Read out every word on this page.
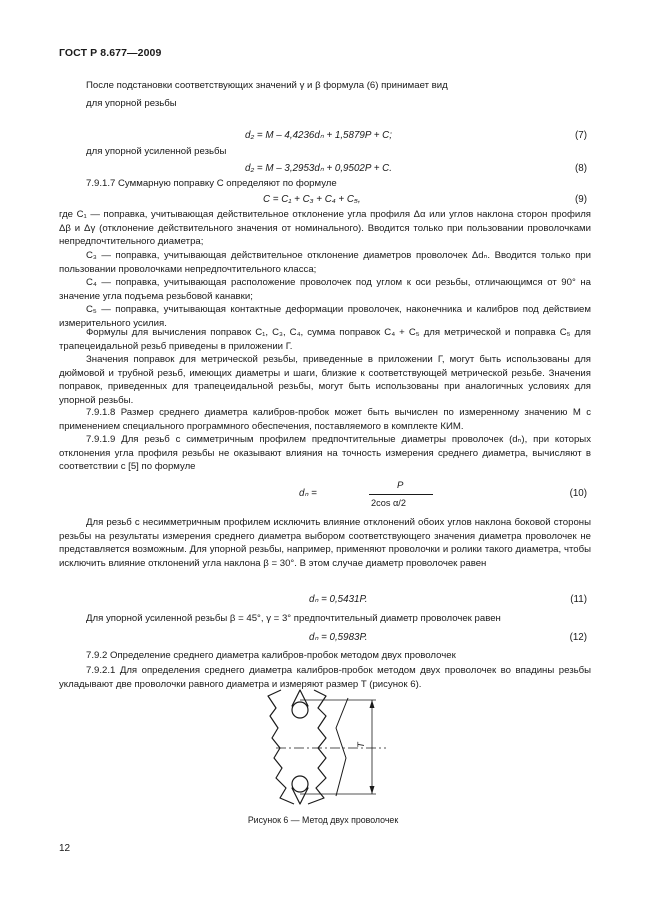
ГОСТ Р 8.677—2009

После подстановки соответствующих значений γ и β формула (6) принимает вид

для упорной резьбы

d₂ = M – 4,4236dₙ + 1,5879P + C;	(7)

для упорной усиленной резьбы

d₂ = M – 3,2953dₙ + 0,9502P + C.	(8)

7.9.1.7 Суммарную поправку C определяют по формуле

C = C₁ + C₃ + C₄ + C₅,	(9)

где C₁ — поправка, учитывающая действительное отклонение угла профиля Δα или углов наклона сторон профиля Δβ и Δγ (отклонение действительного значения от номинального). Вводится только при пользовании проволочками непредпочтительного диаметра;

C₃ — поправка, учитывающая действительное отклонение диаметров проволочек Δdₙ. Вводится только при пользовании проволочками непредпочтительного класса;

C₄ — поправка, учитывающая расположение проволочек под углом к оси резьбы, отличающимся от 90° на значение угла подъема резьбовой канавки;

C₅ — поправка, учитывающая контактные деформации проволочек, наконечника и калибров под действием измерительного усилия.

Формулы для вычисления поправок C₁, C₃, C₄, сумма поправок C₄ + C₅ для метрической и поправка C₅ для трапецеидальной резьб приведены в приложении Г.

Значения поправок для метрической резьбы, приведенные в приложении Г, могут быть использованы для дюймовой и трубной резьб, имеющих диаметры и шаги, близкие к соответствующей метрической резьбе. Значения поправок, приведенных для трапецеидальной резьбы, могут быть использованы при аналогичных условиях для упорной резьбы.

7.9.1.8 Размер среднего диаметра калибров-пробок может быть вычислен по измеренному значению M с применением специального программного обеспечения, поставляемого в комплекте КИМ.

7.9.1.9 Для резьб с симметричным профилем предпочтительные диаметры проволочек (dₙ), при которых отклонения угла профиля резьбы не оказывают влияния на точность измерения среднего диаметра, вычисляют в соответствии с [5] по формуле

dₙ =
P
2cos α/2
(10)

Для резьб с несимметричным профилем исключить влияние отклонений обоих углов наклона боковой стороны резьбы на результаты измерения среднего диаметра выбором соответствующего значения диаметра проволочек не представляется возможным. Для упорной резьбы, например, применяют проволочки и ролики такого диаметра, чтобы исключить влияние отклонений угла наклона β = 30°. В этом случае диаметр проволочек равен

dₙ = 0,5431P.	(11)

Для упорной усиленной резьбы β = 45°, γ = 3° предпочтительный диаметр проволочек равен

dₙ = 0,5983P.	(12)

7.9.2 Определение среднего диаметра калибров-пробок методом двух проволочек

7.9.2.1 Для определения среднего диаметра калибров-пробок методом двух проволочек во впадины резьбы укладывают две проволочки равного диаметра и измеряют размер T (рисунок 6).

T
Рисунок 6 — Метод двух проволочек
12
